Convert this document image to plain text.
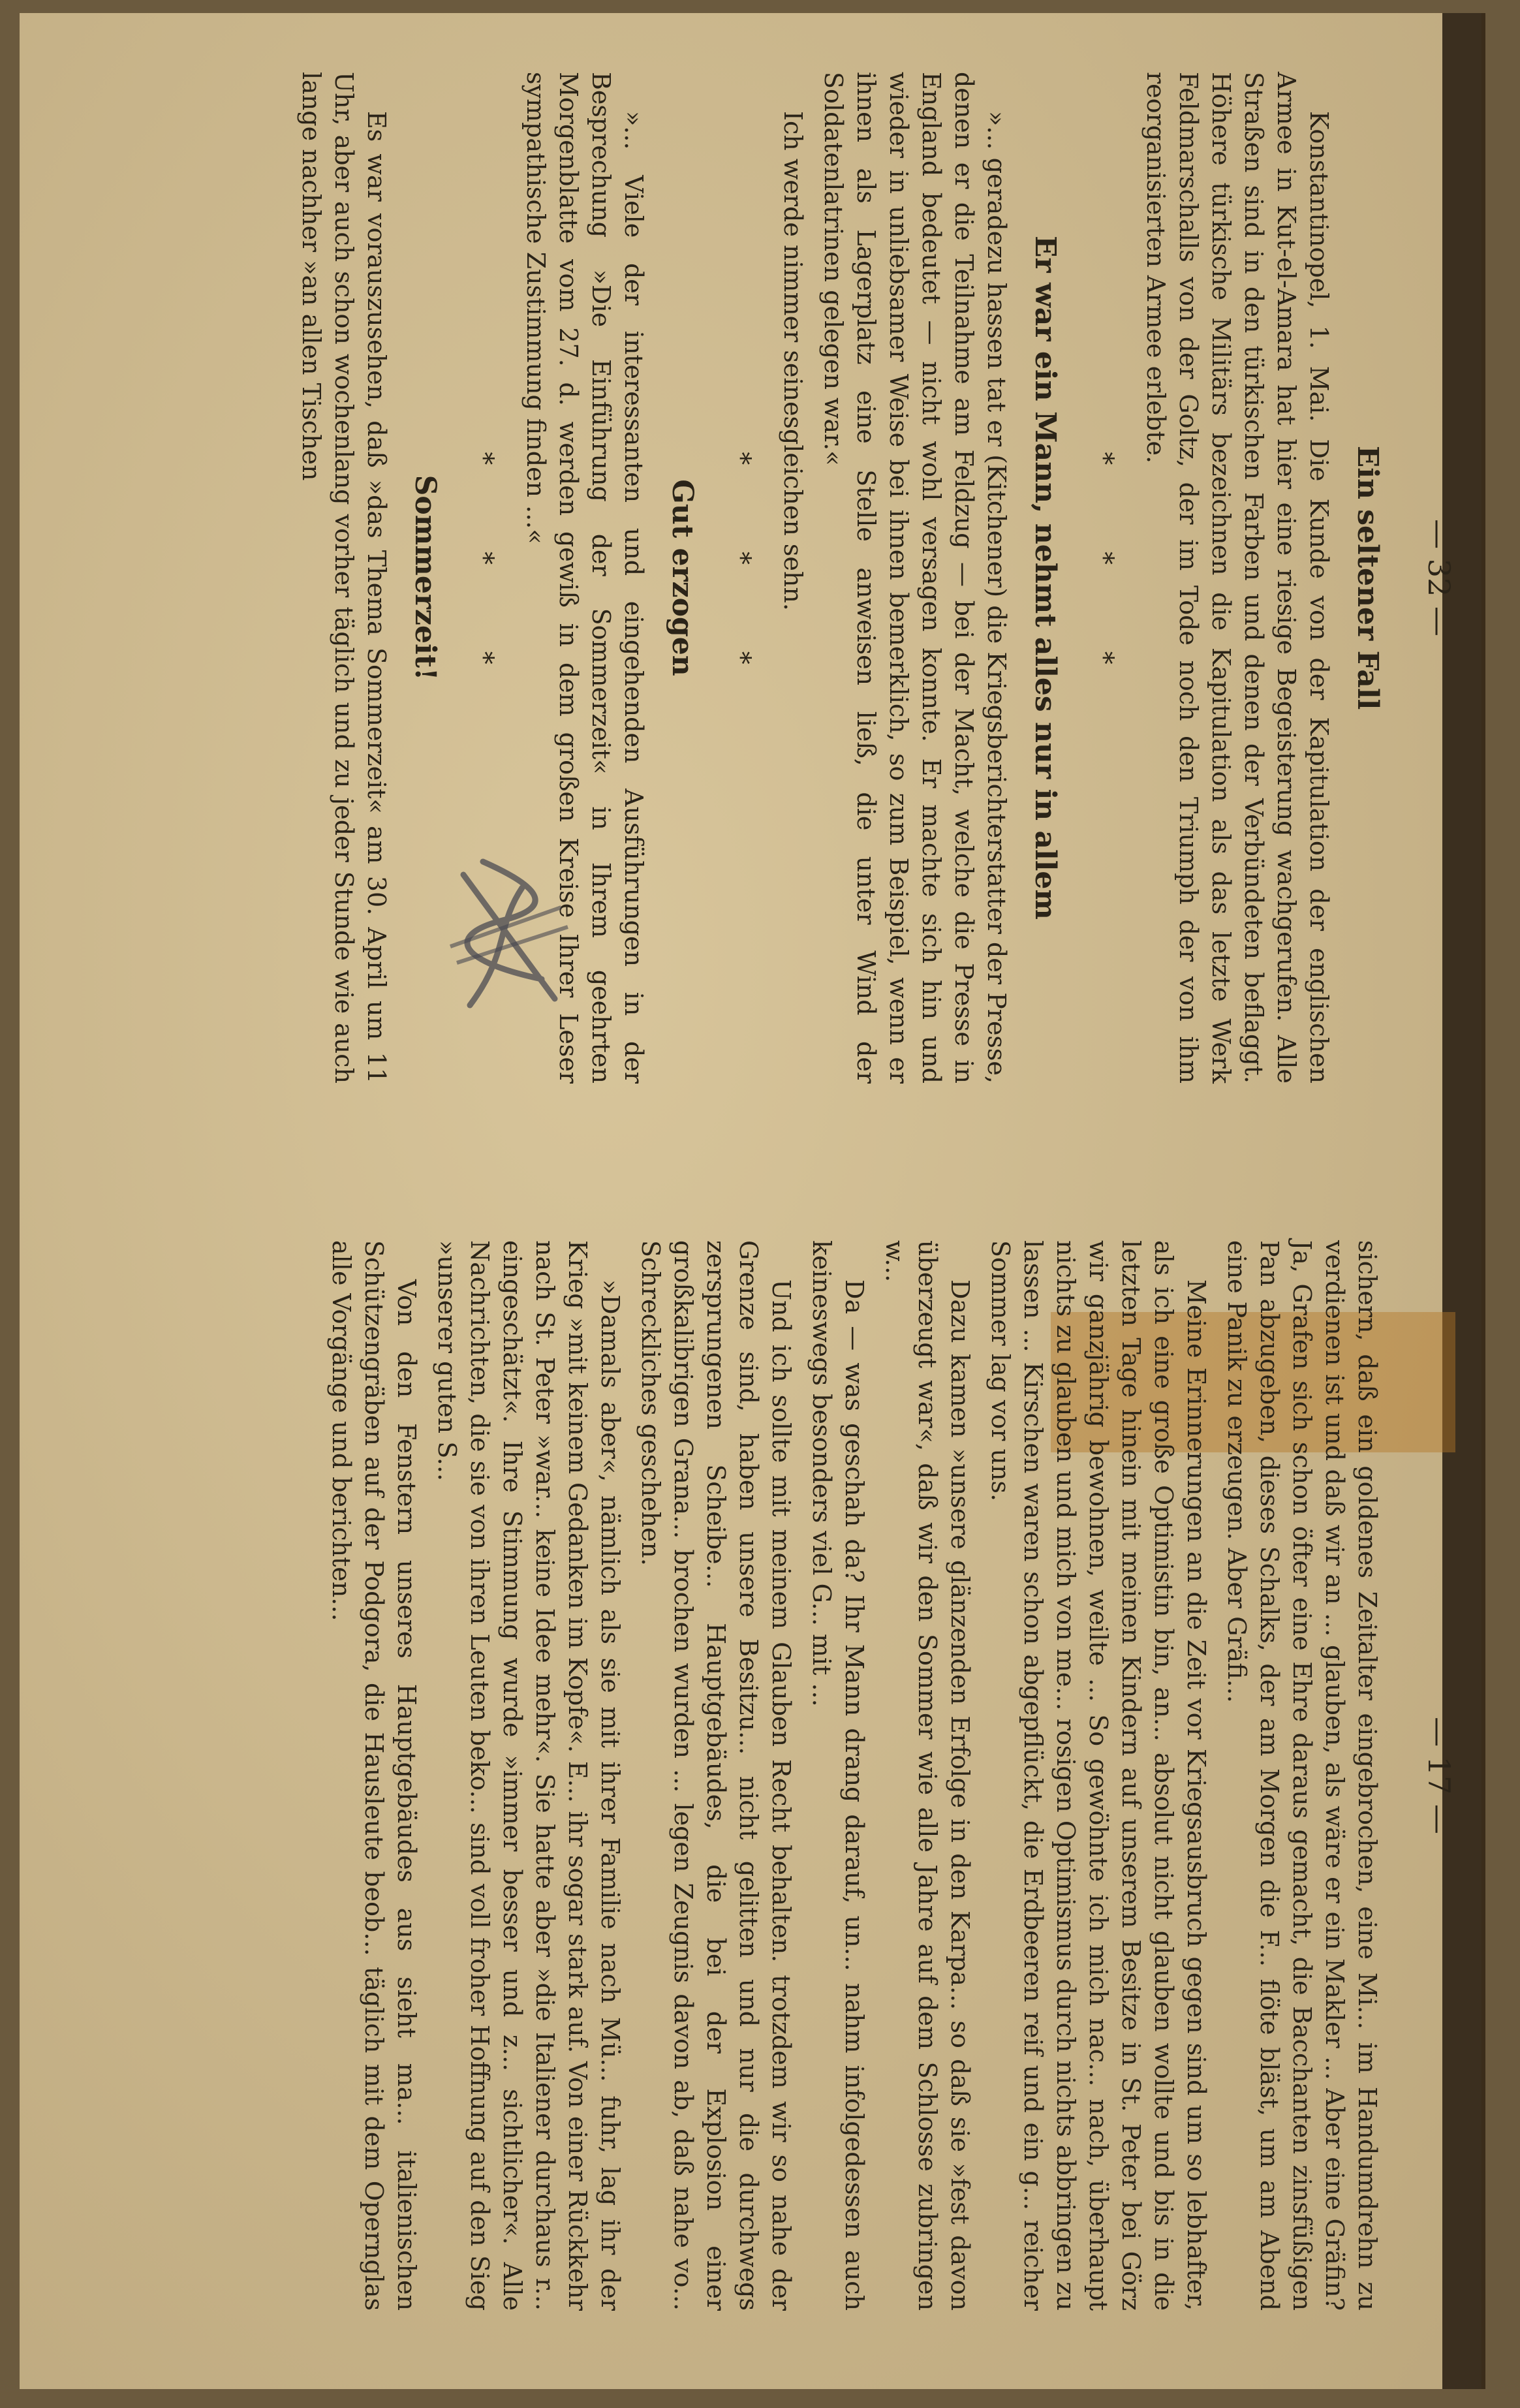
— 32 —
Ein seltener Fall

Konstantinopel, 1. Mai. Die Kunde von der Kapitulation der englischen Armee in Kut-el-Amara hat hier eine riesige Begeisterung wachgerufen. Alle Straßen sind in den türkischen Farben und denen der Verbündeten beflaggt. Höhere türkische Militärs bezeichnen die Kapitulation als das letzte Werk Feldmarschalls von der Goltz, der im Tode noch den Triumph der von ihm reorganisierten Armee erlebte.

* * *
Er war ein Mann, nehmt alles nur in allem

»... geradezu hassen tat er (Kitchener) die Kriegsberichterstatter der Presse, denen er die Teilnahme am Feldzug — bei der Macht, welche die Presse in England bedeutet — nicht wohl versagen konnte. Er machte sich hin und wieder in unliebsamer Weise bei ihnen bemerklich, so zum Beispiel, wenn er ihnen als Lagerplatz eine Stelle anweisen ließ, die unter Wind der Soldatenlatrinen gelegen war.«

Ich werde nimmer seinesgleichen sehn.

* * *
Gut erzogen

»... Viele der interessanten und eingehenden Ausführungen in der Besprechung »Die Einführung der Sommerzeit« in Ihrem geehrten Morgenblatte vom 27. d. werden gewiß in dem großen Kreise Ihrer Leser sympathische Zustimmung finden ...«

* * *
Sommerzeit!

Es war vorauszusehen, daß »das Thema Sommerzeit« am 30. April um 11 Uhr, aber auch schon wochenlang vorher täglich und zu jeder Stunde wie auch lange nachher »an allen Tischen

— 17 —

sichern, daß ein goldenes Zeitalter eingebrochen, eine Mi... im Handumdrehn zu verdienen ist und daß wir an ... glauben, als wäre er ein Makler ... Aber eine Gräfin? Ja, Grafen sich schon öfter eine Ehre daraus gemacht, die Bacchanten zinsfüßigen Pan abzugeben, dieses Schalks, der am Morgen die F... flöte bläst, um am Abend eine Panik zu erzeugen. Aber Gräfi...

Meine Erinnerungen an die Zeit vor Kriegsausbruch gegen sind um so lebhafter, als ich eine große Optimistin bin, an... absolut nicht glauben wollte und bis in die letzten Tage hinein mit meinen Kindern auf unserem Besitze in St. Peter bei Görz wir ganzjährig bewohnen, weilte ... So gewöhnte ich mich nac... nach, überhaupt nichts zu glauben und mich von me... rosigen Optimismus durch nichts abbringen zu lassen ... Kirschen waren schon abgepflückt, die Erdbeeren reif und ein g... reicher Sommer lag vor uns.

Dazu kamen »unsere glänzenden Erfolge in den Karpa... so daß sie »fest davon überzeugt war«, daß wir den Sommer wie alle Jahre auf dem Schlosse zubringen w...

Da — was geschah da? Ihr Mann drang darauf, un... nahm infolgedessen auch keineswegs besonders viel G... mit ...

Und ich sollte mit meinem Glauben Recht behalten. trotzdem wir so nahe der Grenze sind, haben unsere Besitzu... nicht gelitten und nur die durchwegs zersprungenen Scheibe... Hauptgebäudes, die bei der Explosion einer großkalibrigen Grana... brochen wurden ... legen Zeugnis davon ab, daß nahe vo... Schreckliches geschehen.

»Damals aber«, nämlich als sie mit ihrer Familie nach Mü... fuhr, lag ihr der Krieg »mit keinem Gedanken im Kopfe«. E... ihr sogar stark auf. Von einer Rückkehr nach St. Peter »war... keine Idee mehr«. Sie hatte aber »die Italiener durchaus r... eingeschätzt«. Ihre Stimmung wurde »immer besser und z... sichtlicher«. Alle Nachrichten, die sie von ihren Leuten beko... sind voll froher Hoffnung auf den Sieg »unserer guten S...

Von den Fenstern unseres Hauptgebäudes aus sieht ma... italienischen Schützengräben auf der Podgora, die Hausleute beob... täglich mit dem Opernglas alle Vorgänge und berichten...
